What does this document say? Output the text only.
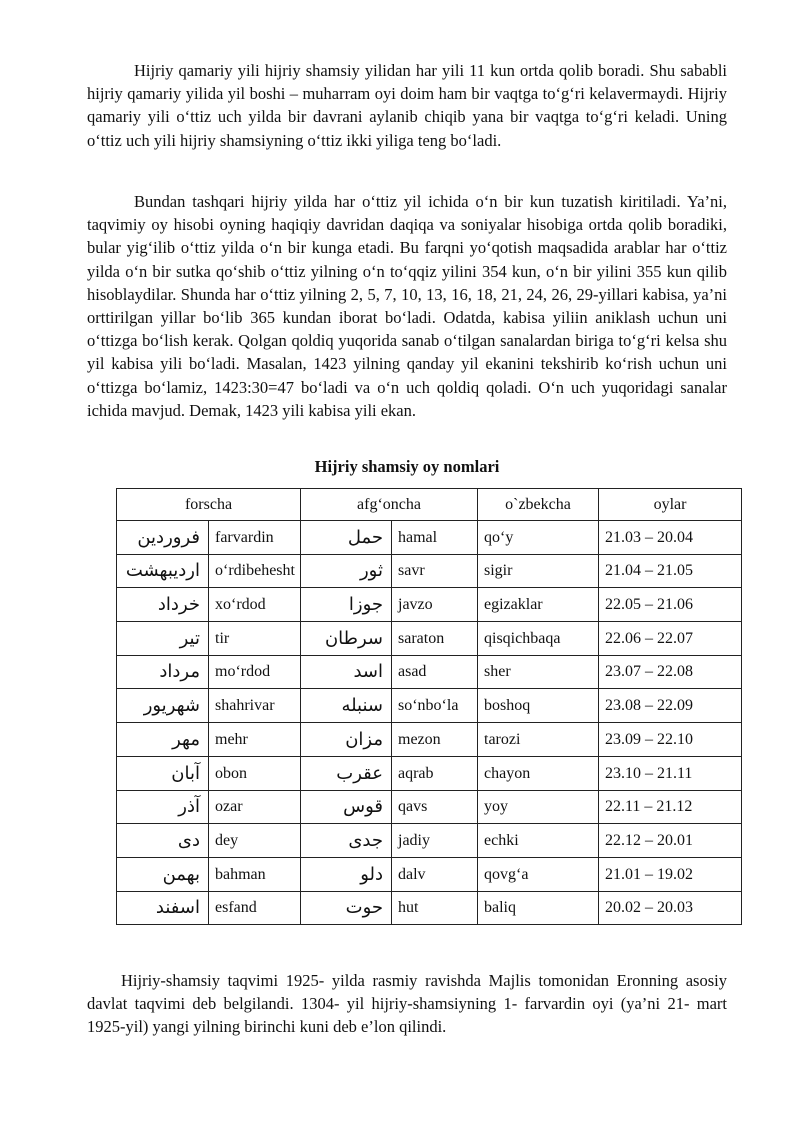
Hijriy qamariy yili hijriy shamsiy yilidan har yili 11 kun ortda qolib boradi. Shu sababli hijriy qamariy yilida yil boshi – muharram oyi doim ham bir vaqtga to‘g‘ri kelavermaydi. Hijriy qamariy yili o‘ttiz uch yilda bir davrani aylanib chiqib yana bir vaqtga to‘g‘ri keladi. Uning o‘ttiz uch yili hijriy shamsiyning o‘ttiz ikki yiliga teng bo‘ladi.

Bundan tashqari hijriy yilda har o‘ttiz yil ichida o‘n bir kun tuzatish kiritiladi. Ya’ni, taqvimiy oy hisobi oyning haqiqiy davridan daqiqa va soniyalar hisobiga ortda qolib boradiki, bular yig‘ilib o‘ttiz yilda o‘n bir kunga etadi. Bu farqni yo‘qotish maqsadida arablar har o‘ttiz yilda o‘n bir sutka qo‘shib o‘ttiz yilning o‘n to‘qqiz yilini 354 kun, o‘n bir yilini 355 kun qilib hisoblaydilar. Shunda har o‘ttiz yilning 2, 5, 7, 10, 13, 16, 18, 21, 24, 26, 29-yillari kabisa, ya’ni orttirilgan yillar bo‘lib 365 kundan iborat bo‘ladi. Odatda, kabisa yiliin aniklash uchun uni o‘ttizga bo‘lish kerak. Qolgan qoldiq yuqorida sanab o‘tilgan sanalardan biriga to‘g‘ri kelsa shu yil kabisa yili bo‘ladi. Masalan, 1423 yilning qanday yil ekanini tekshirib ko‘rish uchun uni o‘ttizga bo‘lamiz, 1423:30=47 bo‘ladi va o‘n uch qoldiq qoladi. O‘n uch yuqoridagi sanalar ichida mavjud. Demak, 1423 yili kabisa yili ekan.

Hijriy shamsiy oy nomlari

forscha		afg‘oncha		o`zbekcha	oylar
فروردین	farvardin	حمل	hamal	qo‘y	21.03 – 20.04
اردیبهشت	o‘rdibehesht	ثور	savr	sigir	21.04 – 21.05
خرداد	xo‘rdod	جوزا	javzo	egizaklar	22.05 – 21.06
تیر	tir	سرطان	saraton	qisqichbaqa	22.06 – 22.07
مرداد	mo‘rdod	اسد	asad	sher	23.07 – 22.08
شهریور	shahrivar	سنبله	so‘nbo‘la	boshoq	23.08 – 22.09
مهر	mehr	مزان	mezon	tarozi	23.09 – 22.10
آبان	obon	عقرب	aqrab	chayon	23.10 – 21.11
آذر	ozar	قوس	qavs	yoy	22.11 – 21.12
دی	dey	جدی	jadiy	echki	22.12 – 20.01
بهمن	bahman	دلو	dalv	qovg‘a	21.01 – 19.02
اسفند	esfand	حوت	hut	baliq	20.02 – 20.03

Hijriy-shamsiy taqvimi 1925- yilda rasmiy ravishda Majlis tomonidan Eronning asosiy davlat taqvimi deb belgilandi. 1304- yil hijriy-shamsiyning 1- farvardin oyi (ya’ni 21- mart 1925-yil) yangi yilning birinchi kuni deb e’lon qilindi.
